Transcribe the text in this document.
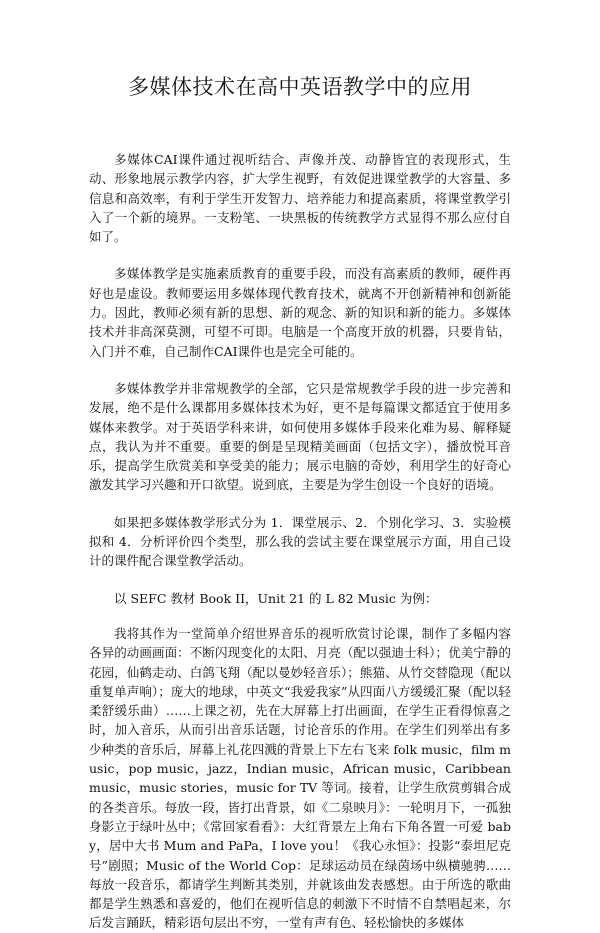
多媒体技术在高中英语教学中的应用

多媒体CAI课件通过视听结合、声像并茂、动静皆宜的表现形式，生动、形象地展示教学内容，扩大学生视野，有效促进课堂教学的大容量、多信息和高效率，有利于学生开发智力、培养能力和提高素质，将课堂教学引入了一个新的境界。一支粉笔、一块黑板的传统教学方式显得不那么应付自如了。

多媒体教学是实施素质教育的重要手段，而没有高素质的教师，硬件再好也是虚设。教师要运用多媒体现代教育技术，就离不开创新精神和创新能力。因此，教师必须有新的思想、新的观念、新的知识和新的能力。多媒体技术并非高深莫测，可望不可即。电脑是一个高度开放的机器，只要肯钻，入门并不难，自己制作CAI课件也是完全可能的。

多媒体教学并非常规教学的全部，它只是常规教学手段的进一步完善和发展，绝不是什么课都用多媒体技术为好，更不是每篇课文都适宜于使用多媒体来教学。对于英语学科来讲，如何使用多媒体手段来化难为易、解释疑点，我认为并不重要。重要的倒是呈现精美画面（包括文字），播放悦耳音乐，提高学生欣赏美和享受美的能力；展示电脑的奇妙，利用学生的好奇心激发其学习兴趣和开口欲望。说到底，主要是为学生创设一个良好的语境。

如果把多媒体教学形式分为 1．课堂展示、2．个别化学习、3．实验模拟和 4．分析评价四个类型，那么我的尝试主要在课堂展示方面，用自己设计的课件配合课堂教学活动。

以 SEFC 教材 Book II，Unit 21 的 L 82 Music 为例：

我将其作为一堂简单介绍世界音乐的视听欣赏讨论课，制作了多幅内容各异的动画画面：不断闪现变化的太阳、月亮（配以强迪士科）；优美宁静的花园，仙鹤走动、白鸽飞翔（配以曼妙轻音乐）；熊猫、从竹交替隐现（配以重复单声响）；庞大的地球，中英文“我爱我家”从四面八方缓缓汇聚（配以轻柔舒缓乐曲）……上课之初，先在大屏幕上打出画面，在学生正看得惊喜之时，加入音乐，从而引出音乐话题，讨论音乐的作用。在学生们列举出有多少种类的音乐后，屏幕上礼花四溅的背景上下左右飞来 folk music，film music，pop music，jazz，Indian music，African music，Caribbean music，music stories，music for TV 等词。接着，让学生欣赏剪辑合成的各类音乐。每放一段，皆打出背景，如《二泉映月》：一轮明月下，一孤独身影立于绿叶丛中；《常回家看看》：大红背景左上角右下角各置一可爱 baby，居中大书 Mum and PaPa，I love you！《我心永恒》：投影“泰坦尼克号”剧照；Music of the World Cop：足球运动员在绿茵场中纵横驰骋……每放一段音乐，都请学生判断其类别，并就该曲发表感想。由于所选的歌曲都是学生熟悉和喜爱的，他们在视听信息的刺激下不时情不自禁唱起来，尔后发言踊跃，精彩语句层出不穷，一堂有声有色、轻松愉快的多媒体
